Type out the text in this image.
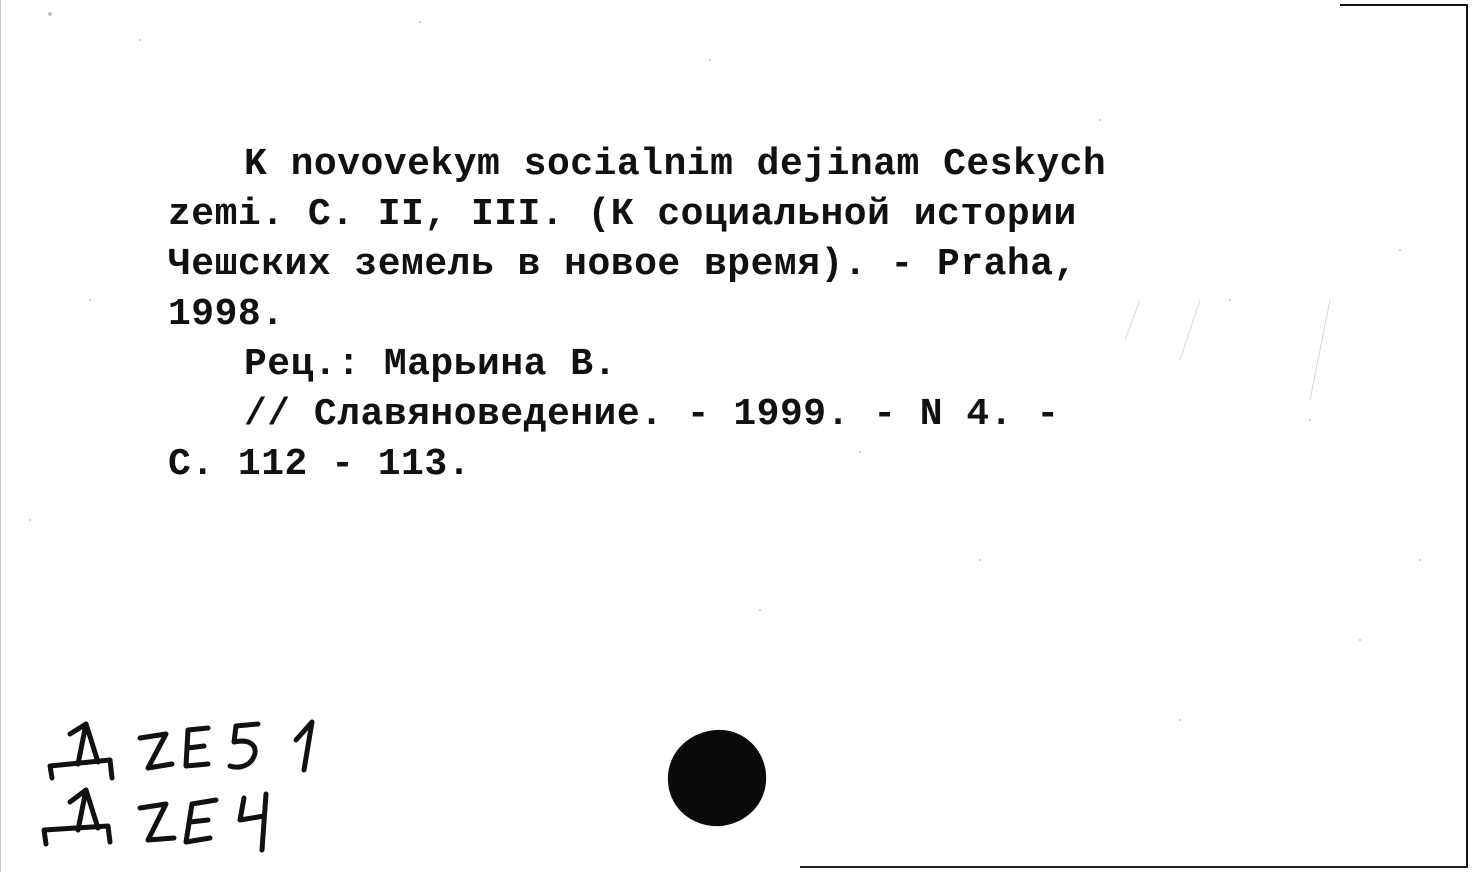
K novovekym socialnim dejinam Ceskych
zemi. C. II, III. (К социальной истории
Чешских земель в новое время). - Praha,
1998.
Рец.: Марьина В.
// Славяноведение. - 1999. - N 4. -
С. 112 - 113.
